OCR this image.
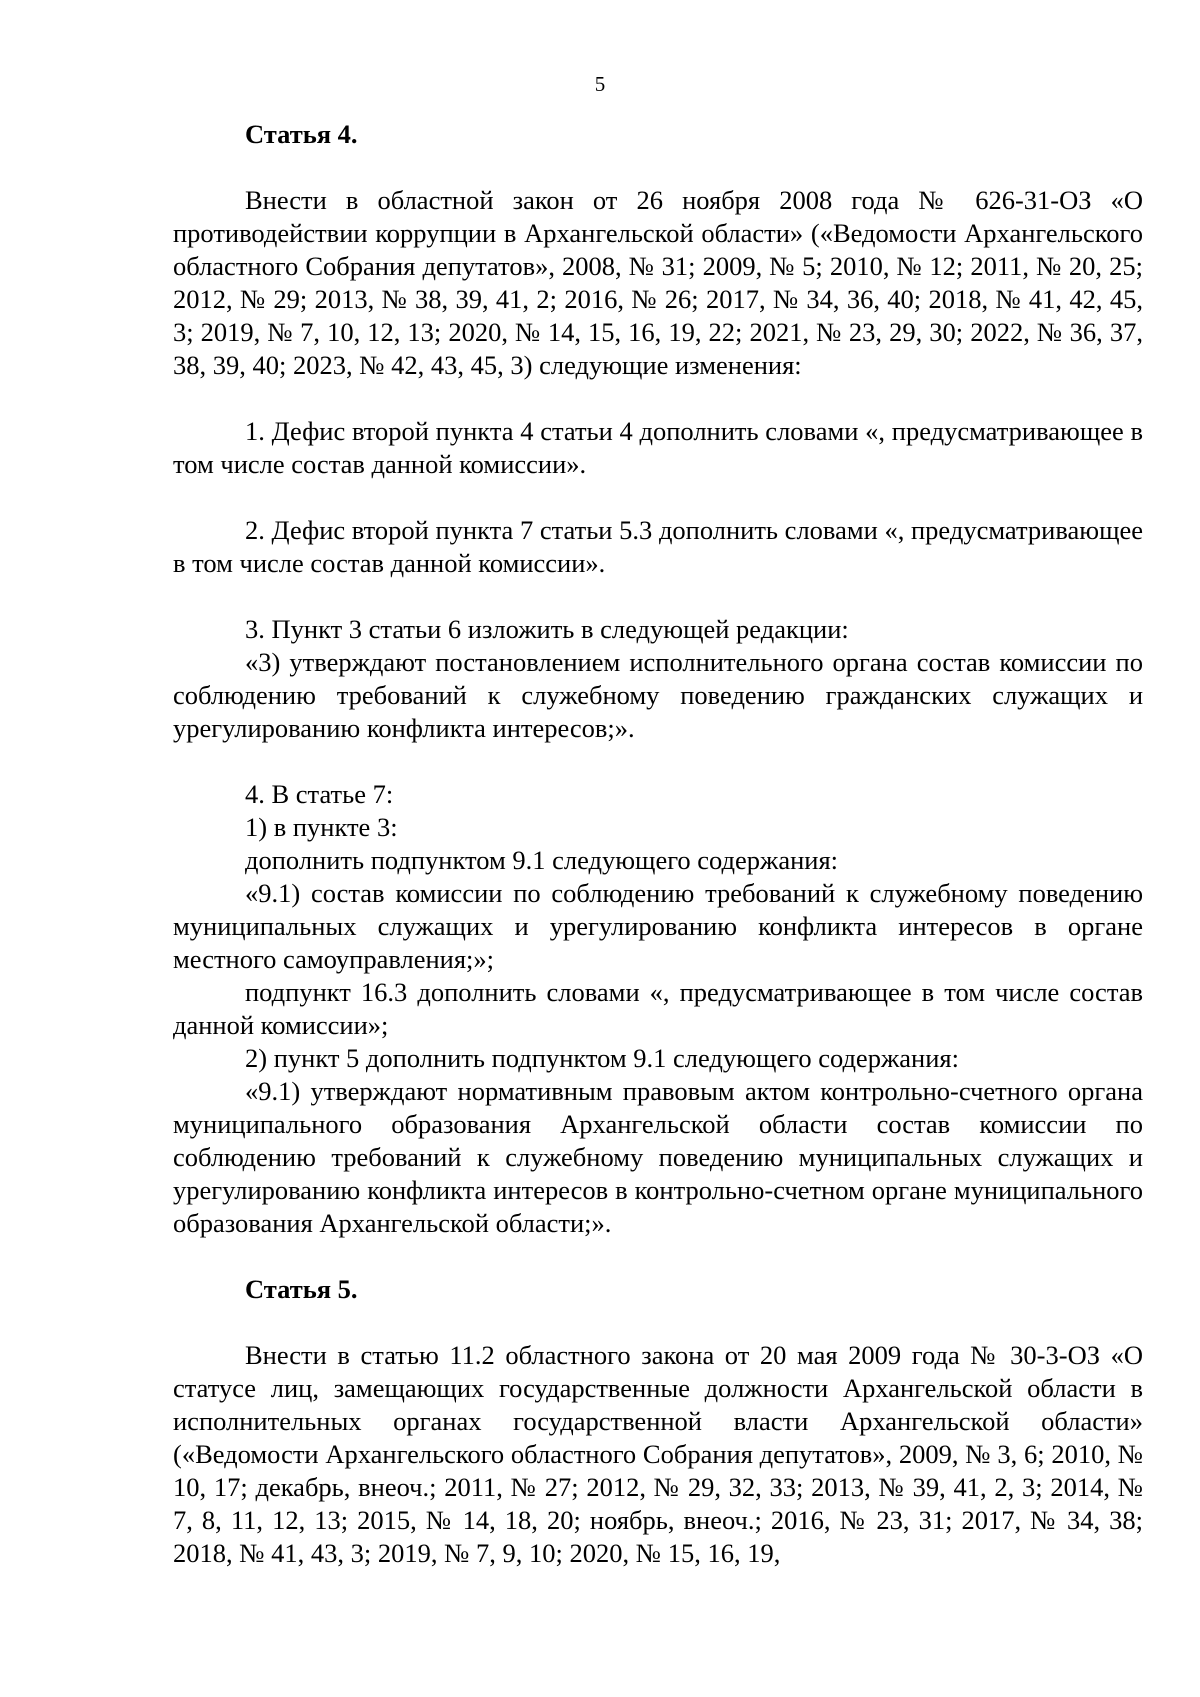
5
Статья 4.

Внести в областной закон от 26 ноября 2008 года № 626-31-ОЗ «О противодействии коррупции в Архангельской области» («Ведомости Архангельского областного Собрания депутатов», 2008, № 31; 2009, № 5; 2010, № 12; 2011, № 20, 25; 2012, № 29; 2013, № 38, 39, 41, 2; 2016, № 26; 2017, № 34, 36, 40; 2018, № 41, 42, 45, 3; 2019, № 7, 10, 12, 13; 2020, № 14, 15, 16, 19, 22; 2021, № 23, 29, 30; 2022, № 36, 37, 38, 39, 40; 2023, № 42, 43, 45, 3) следующие изменения:

1. Дефис второй пункта 4 статьи 4 дополнить словами «, предусматривающее в том числе состав данной комиссии».

2. Дефис второй пункта 7 статьи 5.3 дополнить словами «, предусматривающее в том числе состав данной комиссии».

3. Пункт 3 статьи 6 изложить в следующей редакции:

«3) утверждают постановлением исполнительного органа состав комиссии по соблюдению требований к служебному поведению гражданских служащих и урегулированию конфликта интересов;».

4. В статье 7:

1) в пункте 3:

дополнить подпунктом 9.1 следующего содержания:

«9.1) состав комиссии по соблюдению требований к служебному поведению муниципальных служащих и урегулированию конфликта интересов в органе местного самоуправления;»;

подпункт 16.3 дополнить словами «, предусматривающее в том числе состав данной комиссии»;

2) пункт 5 дополнить подпунктом 9.1 следующего содержания:

«9.1) утверждают нормативным правовым актом контрольно-счетного органа муниципального образования Архангельской области состав комиссии по соблюдению требований к служебному поведению муниципальных служащих и урегулированию конфликта интересов в контрольно-счетном органе муниципального образования Архангельской области;».

Статья 5.

Внести в статью 11.2 областного закона от 20 мая 2009 года № 30-3-ОЗ «О статусе лиц, замещающих государственные должности Архангельской области в исполнительных органах государственной власти Архангельской области» («Ведомости Архангельского областного Собрания депутатов», 2009, № 3, 6; 2010, № 10, 17; декабрь, внеоч.; 2011, № 27; 2012, № 29, 32, 33; 2013, № 39, 41, 2, 3; 2014, № 7, 8, 11, 12, 13; 2015, № 14, 18, 20; ноябрь, внеоч.; 2016, № 23, 31; 2017, № 34, 38; 2018, № 41, 43, 3; 2019, № 7, 9, 10; 2020, № 15, 16, 19,
